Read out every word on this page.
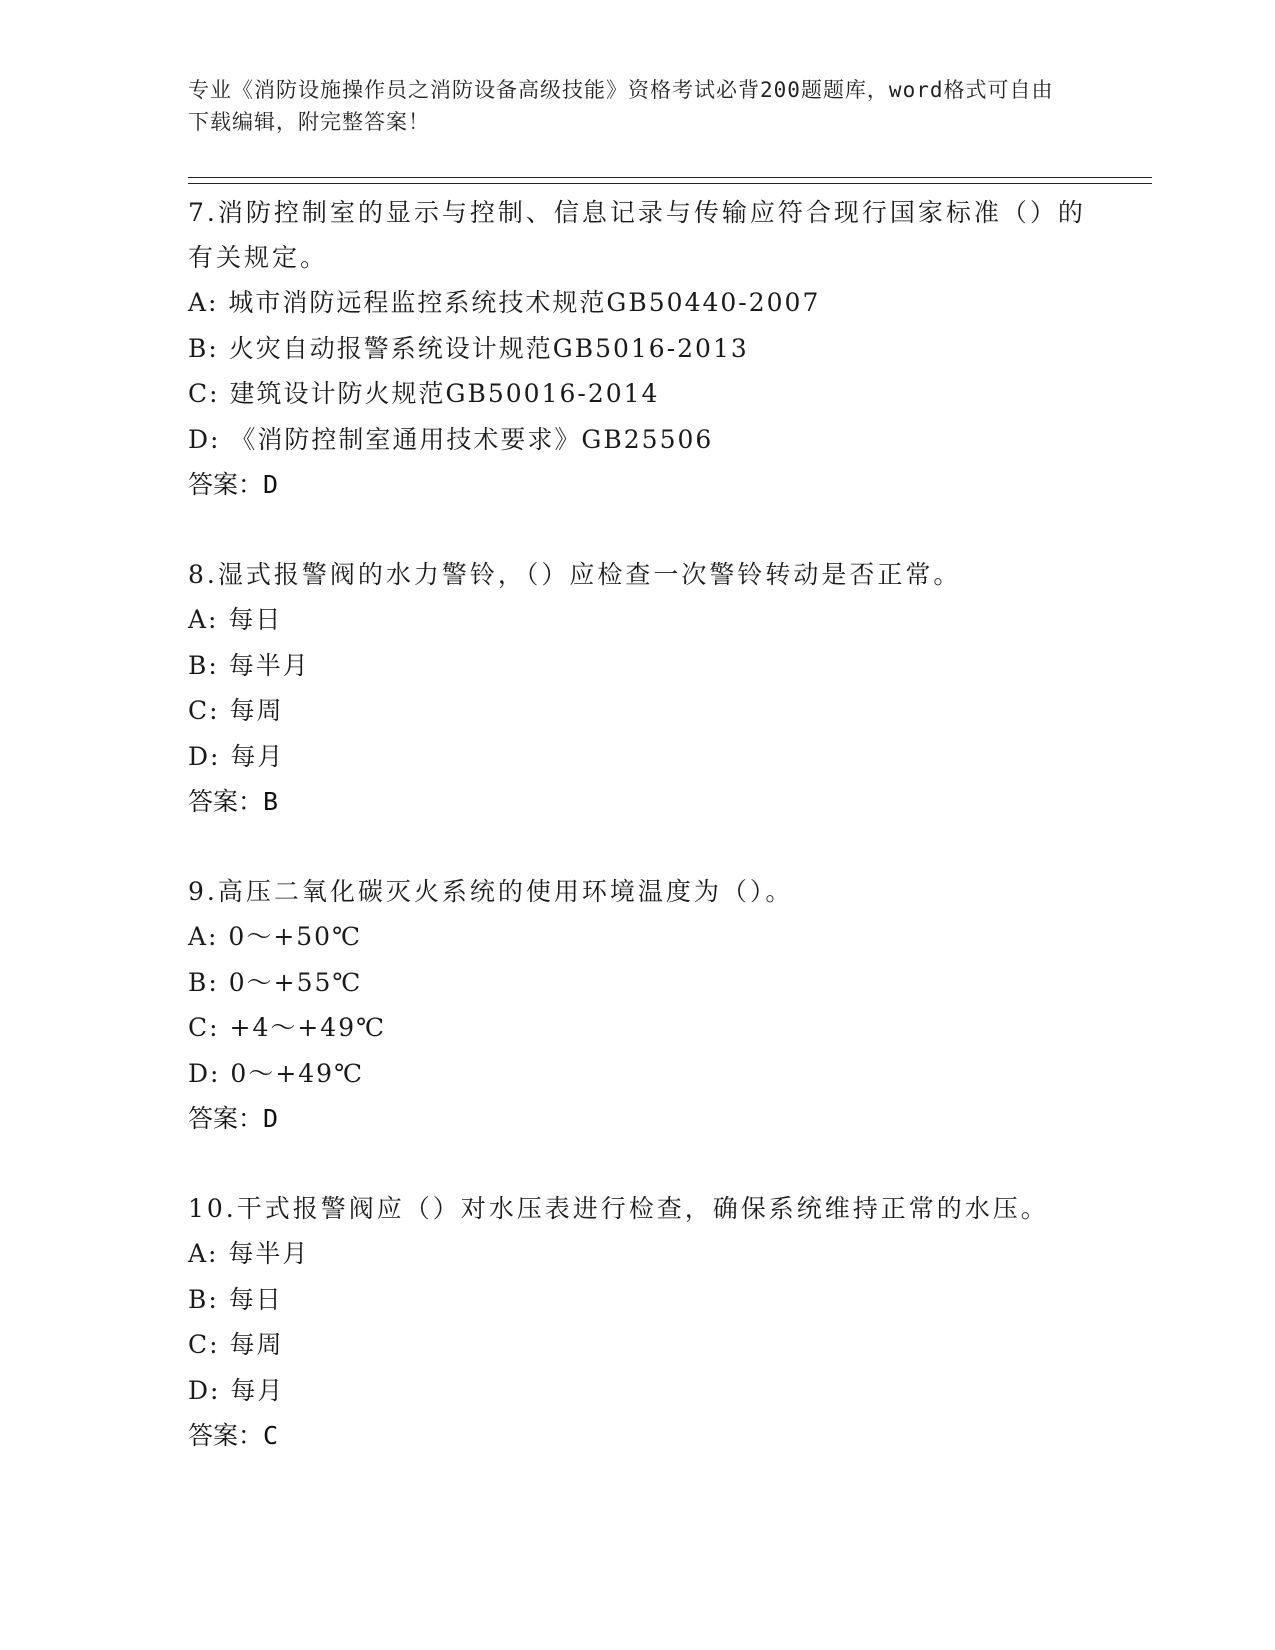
专业《消防设施操作员之消防设备高级技能》资格考试必背200题题库，word格式可自由下载编辑，附完整答案！
7.消防控制室的显示与控制、信息记录与传输应符合现行国家标准（）的有关规定。
A: 城市消防远程监控系统技术规范GB50440-2007
B: 火灾自动报警系统设计规范GB5016-2013
C: 建筑设计防火规范GB50016-2014
D: 《消防控制室通用技术要求》GB25506
答案：D
8.湿式报警阀的水力警铃，（）应检查一次警铃转动是否正常。
A: 每日
B: 每半月
C: 每周
D: 每月
答案：B
9.高压二氧化碳灭火系统的使用环境温度为（）。
A: 0～+50℃
B: 0～+55℃
C: +4～+49℃
D: 0～+49℃
答案：D
10.干式报警阀应（）对水压表进行检查，确保系统维持正常的水压。
A: 每半月
B: 每日
C: 每周
D: 每月
答案：C
